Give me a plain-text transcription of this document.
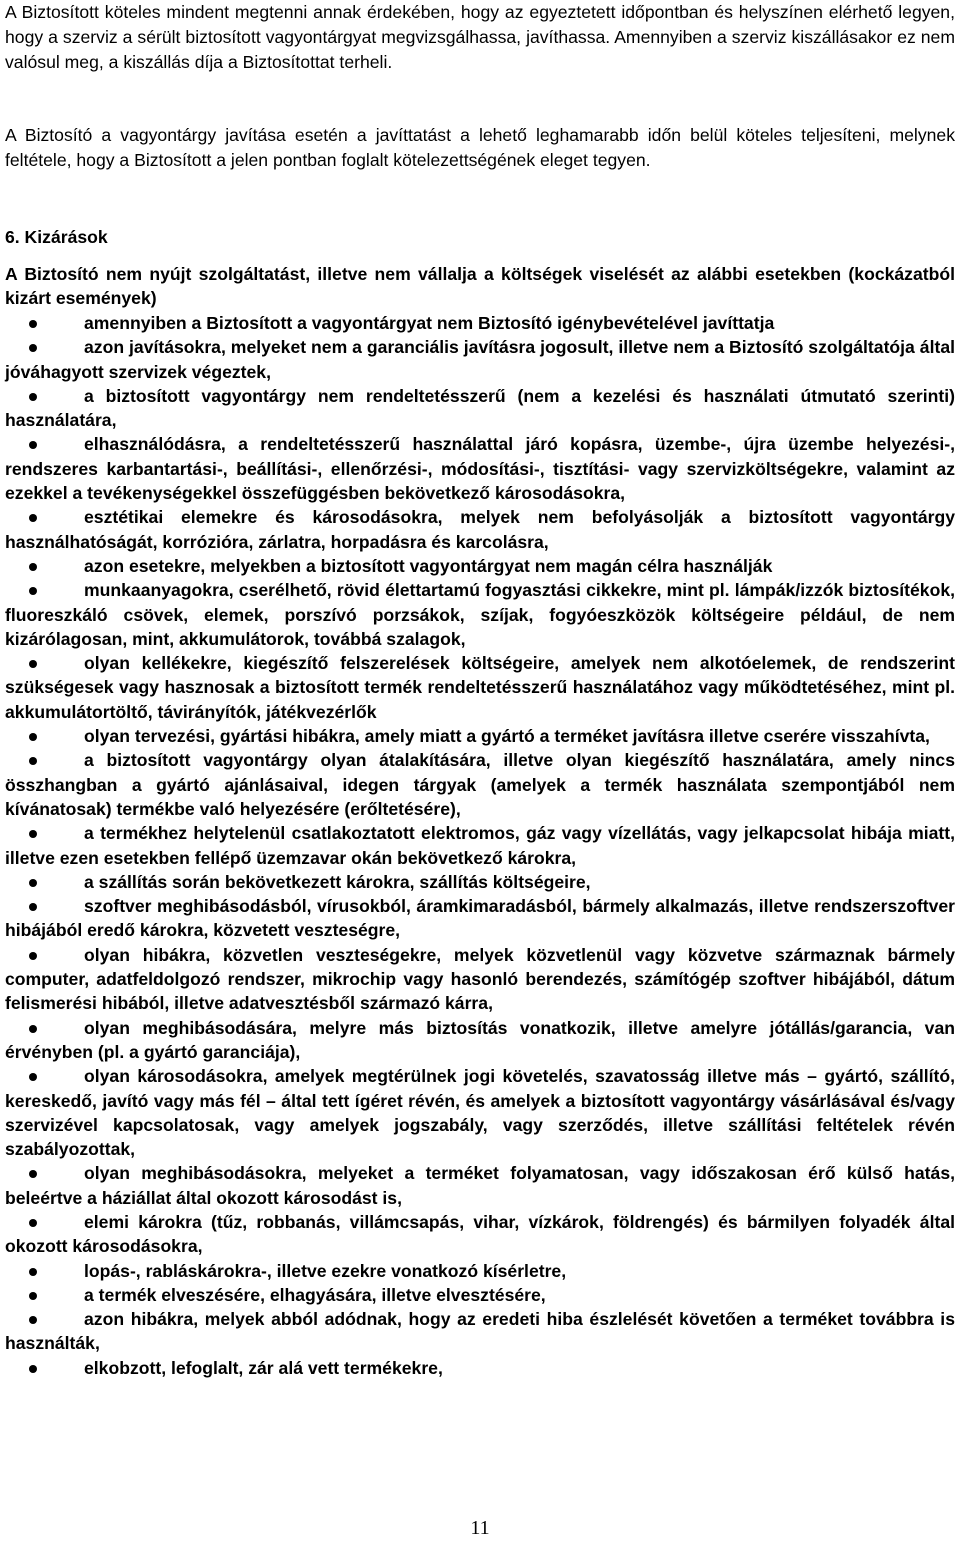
A Biztosított köteles mindent megtenni annak érdekében, hogy az egyeztetett időpontban és helyszínen elérhető legyen, hogy a szerviz a sérült biztosított vagyontárgyat megvizsgálhassa, javíthassa. Amennyiben a szerviz kiszállásakor ez nem valósul meg, a kiszállás díja a Biztosítottat terheli.

A Biztosító a vagyontárgy javítása esetén a javíttatást a lehető leghamarabb időn belül köteles teljesíteni, melynek feltétele, hogy a Biztosított a jelen pontban foglalt kötelezettségének eleget tegyen.

6. Kizárások

A Biztosító nem nyújt szolgáltatást, illetve nem vállalja a költségek viselését az alábbi esetekben (kockázatból kizárt események)

amennyiben a Biztosított a vagyontárgyat nem Biztosító igénybevételével javíttatja
azon javításokra, melyeket nem a garanciális javításra jogosult, illetve nem a Biztosító szolgáltatója által jóváhagyott szervizek végeztek,
a biztosított vagyontárgy nem rendeltetésszerű (nem a kezelési és használati útmutató szerinti) használatára,
elhasználódásra, a rendeltetésszerű használattal járó kopásra, üzembe-, újra üzembe helyezési-, rendszeres karbantartási-, beállítási-, ellenőrzési-, módosítási-, tisztítási- vagy szervizköltségekre, valamint az ezekkel a tevékenységekkel összefüggésben bekövetkező károsodásokra,
esztétikai elemekre és károsodásokra, melyek nem befolyásolják a biztosított vagyontárgy használhatóságát, korrózióra, zárlatra, horpadásra és karcolásra,
azon esetekre, melyekben a biztosított vagyontárgyat nem magán célra használják
munkaanyagokra, cserélhető, rövid élettartamú fogyasztási cikkekre, mint pl. lámpák/izzók biztosítékok, fluoreszkáló csövek, elemek, porszívó porzsákok, szíjak, fogyóeszközök költségeire például, de nem kizárólagosan, mint, akkumulátorok, továbbá szalagok,
olyan kellékekre, kiegészítő felszerelések költségeire, amelyek nem alkotóelemek, de rendszerint szükségesek vagy hasznosak a biztosított termék rendeltetésszerű használatához vagy működtetéséhez, mint pl. akkumulátortöltő, távirányítók, játékvezérlők
olyan tervezési, gyártási hibákra, amely miatt a gyártó a terméket javításra illetve cserére visszahívta,
a biztosított vagyontárgy olyan átalakítására, illetve olyan kiegészítő használatára, amely nincs összhangban a gyártó ajánlásaival, idegen tárgyak (amelyek a termék használata szempontjából nem kívánatosak) termékbe való helyezésére (erőltetésére),
a termékhez helytelenül csatlakoztatott elektromos, gáz vagy vízellátás, vagy jelkapcsolat hibája miatt, illetve ezen esetekben fellépő üzemzavar okán bekövetkező károkra,
a szállítás során bekövetkezett károkra, szállítás költségeire,
szoftver meghibásodásból, vírusokból, áramkimaradásból, bármely alkalmazás, illetve rendszerszoftver hibájából eredő károkra, közvetett veszteségre,
olyan hibákra, közvetlen veszteségekre, melyek közvetlenül vagy közvetve származnak bármely computer, adatfeldolgozó rendszer, mikrochip vagy hasonló berendezés, számítógép szoftver hibájából, dátum felismerési hibából, illetve adatvesztésből származó kárra,
olyan meghibásodására, melyre más biztosítás vonatkozik, illetve amelyre jótállás/garancia, van érvényben (pl. a gyártó garanciája),
olyan károsodásokra, amelyek megtérülnek jogi követelés, szavatosság illetve más – gyártó, szállító, kereskedő, javító vagy más fél – által tett ígéret révén, és amelyek a biztosított vagyontárgy vásárlásával és/vagy szervizével kapcsolatosak, vagy amelyek jogszabály, vagy szerződés, illetve szállítási feltételek révén szabályozottak,
olyan meghibásodásokra, melyeket a terméket folyamatosan, vagy időszakosan érő külső hatás, beleértve a háziállat által okozott károsodást is,
elemi károkra (tűz, robbanás, villámcsapás, vihar, vízkárok, földrengés) és bármilyen folyadék által okozott károsodásokra,
lopás-, rabláskárokra-, illetve ezekre vonatkozó kísérletre,
a termék elveszésére, elhagyására, illetve elvesztésére,
azon hibákra, melyek abból adódnak, hogy az eredeti hiba észlelését követően a terméket továbbra is használták,
elkobzott, lefoglalt, zár alá vett termékekre,
11
